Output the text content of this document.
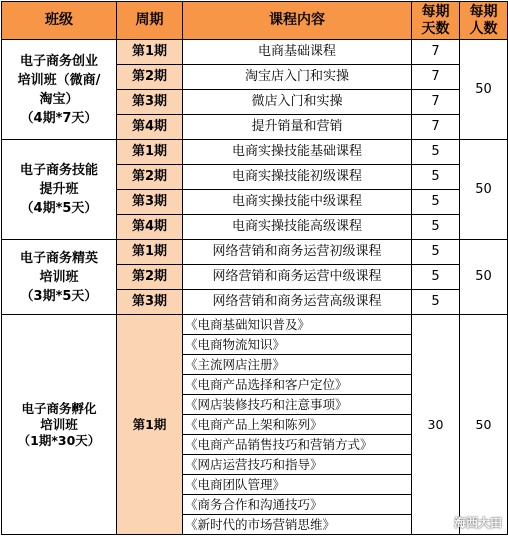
班级	周期	课程内容	每期
天数	每期
人数
电子商务创业
培训班（微商/
淘宝）
（4期*7天）	第1期	电商基础课程	7	50
	第2期	淘宝店入门和实操	7	
	第3期	微店入门和实操	7	
	第4期	提升销量和营销	7	
电子商务技能
提升班
（4期*5天）	第1期	电商实操技能基础课程	5	50
	第2期	电商实操技能初级课程	5	
	第3期	电商实操技能中级课程	5	
	第4期	电商实操技能高级课程	5	
电子商务精英
培训班
（3期*5天）	第1期	网络营销和商务运营初级课程	5	50
	第2期	网络营销和商务运营中级课程	5	
	第3期	网络营销和商务运营高级课程	5	
电子商务孵化
培训班
（1期*30天）	第1期	《电商基础知识普及》	30	50
		《电商物流知识》		
		《主流网店注册》		
		《电商产品选择和客户定位》		
		《网店装修技巧和注意事项》		
		《电商产品上架和陈列》		
		《电商产品销售技巧和营销方式》		
		《网店运营技巧和指导》		
		《电商团队管理》		
		《商务合作和沟通技巧》		
		《新时代的市场营销思维》			海西大田
